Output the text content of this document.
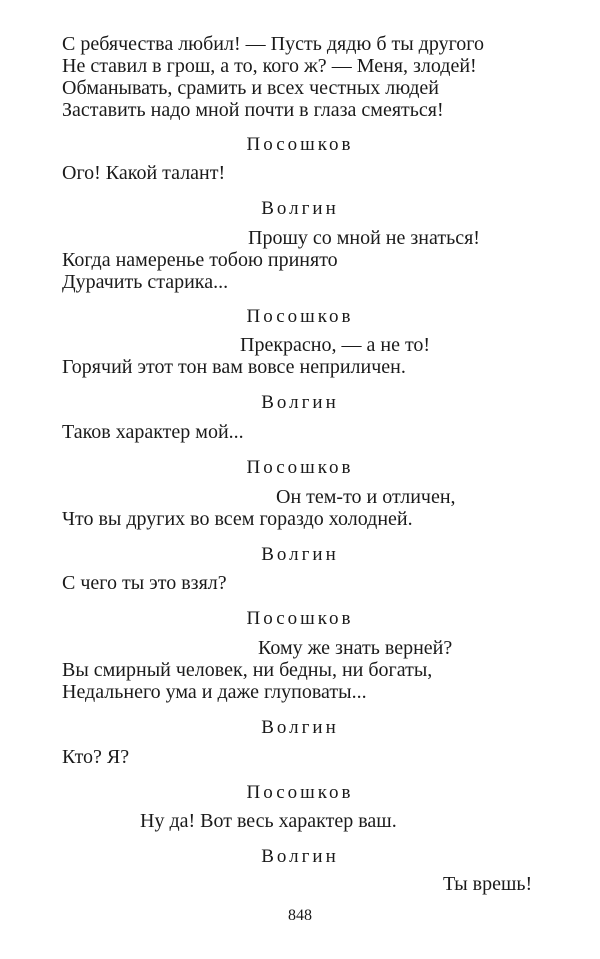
С ребячества любил! — Пусть дядю б ты другого
Не ставил в грош, а то, кого ж? — Меня, злодей!
Обманывать, срамить и всех честных людей
Заставить надо мной почти в глаза смеяться!
Посошков
Ого! Какой талант!
Волгин
Прошу со мной не знаться!
Когда намеренье тобою принято
Дурачить старика...
Посошков
Прекрасно, — а не то!
Горячий этот тон вам вовсе неприличен.
Волгин
Таков характер мой...
Посошков
Он тем-то и отличен,
Что вы других во всем гораздо холодней.
Волгин
С чего ты это взял?
Посошков
Кому же знать верней?
Вы смирный человек, ни бедны, ни богаты,
Недальнего ума и даже глуповаты...
Волгин
Кто? Я?
Посошков
Ну да! Вот весь характер ваш.
Волгин
Ты врешь!
848
